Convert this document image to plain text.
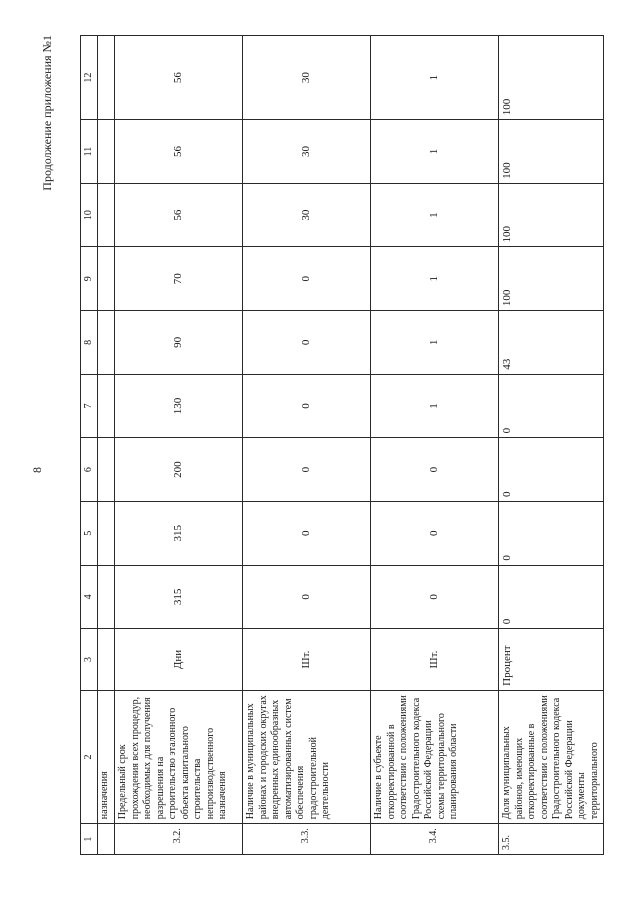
8
Продолжение приложения №1
1	2	3	4	5	6	7	8	9	10	11	12
	назначения										
3.2.	Предельный срок прохождения всех процедур, необходимых для получения разрешения на строительство эталонного объекта капитального строительства непроизводственного назначения	Дни	315	315	200	130	90	70	56	56	56
3.3.	Наличие в муниципальных районах и городских округах внедренных единообразных автоматизированных систем обеспечения градостроительной деятельности	Шт.	0	0	0	0	0	0	30	30	30
3.4.	Наличие в субъекте откорректированной в соответствии с положениями Градостроительного кодекса Российской Федерации схемы территориального планирования области	Шт.	0	0	0	1	1	1	1	1	1
3.5.	Доля муниципальных районов, имеющих откорректированные в соответствии с положениями Градостроительного кодекса Российской Федерации документы территориального	Процент	0	0	0	0	43	100	100	100	100
